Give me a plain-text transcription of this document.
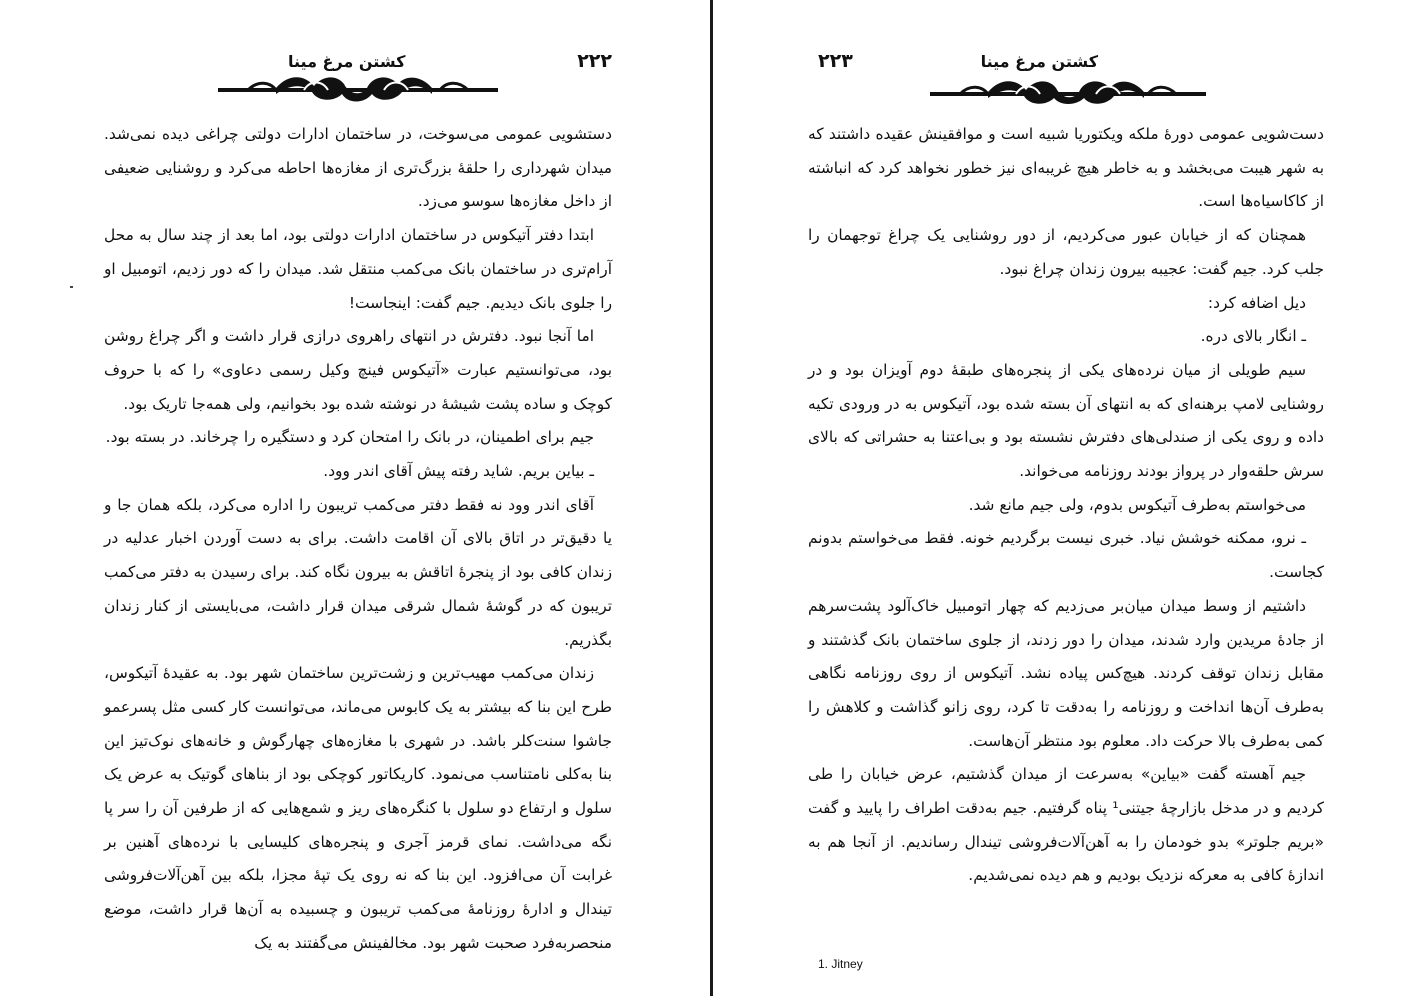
کشتن مرغ مینا	۲۲۲

دستشویی عمومی می‌سوخت، در ساختمان ادارات دولتی چراغی دیده نمی‌شد. میدان شهرداری را حلقهٔ بزرگ‌تری از مغازه‌ها احاطه می‌کرد و روشنایی ضعیفی از داخل مغازه‌ها سوسو می‌زد.

ابتدا دفتر آتیکوس در ساختمان ادارات دولتی بود، اما بعد از چند سال به محل آرام‌تری در ساختمان بانک می‌کمب منتقل شد. میدان را که دور زدیم، اتومبیل او را جلوی بانک دیدیم. جیم گفت: اینجاست!

اما آنجا نبود. دفترش در انتهای راهروی درازی قرار داشت و اگر چراغ روشن بود، می‌توانستیم عبارت «آتیکوس فینچ وکیل رسمی دعاوی» را که با حروف کوچک و ساده پشت شیشهٔ در نوشته شده بود بخوانیم، ولی همه‌جا تاریک بود.

جیم برای اطمینان، در بانک را امتحان کرد و دستگیره را چرخاند. در بسته بود.

ـ بیاین بریم. شاید رفته پیش آقای اندر وود.

آقای اندر وود نه فقط دفتر می‌کمب تریبون را اداره می‌کرد، بلکه همان جا و یا دقیق‌تر در اتاق بالای آن اقامت داشت. برای به دست آوردن اخبار عدلیه در زندان کافی بود از پنجرهٔ اتاقش به بیرون نگاه کند. برای رسیدن به دفتر می‌کمب تریبون که در گوشهٔ شمال شرقی میدان قرار داشت، می‌بایستی از کنار زندان بگذریم.

زندان می‌کمب مهیب‌ترین و زشت‌ترین ساختمان شهر بود. به عقیدهٔ آتیکوس، طرح این بنا که بیشتر به یک کابوس می‌ماند، می‌توانست کار کسی مثل پسرعمو جاشوا سنت‌کلر باشد. در شهری با مغازه‌های چهارگوش و خانه‌های نوک‌تیز این بنا به‌کلی نامتناسب می‌نمود. کاریکاتور کوچکی بود از بناهای گوتیک به عرض یک سلول و ارتفاع دو سلول با کنگره‌های ریز و شمع‌هایی که از طرفین آن را سر پا نگه می‌داشت. نمای قرمز آجری و پنجره‌های کلیسایی با نرده‌های آهنین بر غرابت آن می‌افزود. این بنا که نه روی یک تپهٔ مجزا، بلکه بین آهن‌آلات‌فروشی تیندال و ادارهٔ روزنامهٔ می‌کمب تریبون و چسبیده به آن‌ها قرار داشت، موضع منحصربه‌فرد صحبت شهر بود. مخالفینش می‌گفتند به یک

۲۲۳	کشتن مرغ مینا

دست‌شویی عمومی دورهٔ ملکه ویکتوریا شبیه است و موافقینش عقیده داشتند که به شهر هیبت می‌بخشد و به خاطر هیچ غریبه‌ای نیز خطور نخواهد کرد که انباشته از کاکاسیاه‌ها است.

همچنان که از خیابان عبور می‌کردیم، از دور روشنایی یک چراغ توجهمان را جلب کرد. جیم گفت: عجیبه بیرون زندان چراغ نبود.

دیل اضافه کرد:

ـ انگار بالای دره.

سیم طویلی از میان نرده‌های یکی از پنجره‌های طبقهٔ دوم آویزان بود و در روشنایی لامپ برهنه‌ای که به انتهای آن بسته شده بود، آتیکوس به در ورودی تکیه داده و روی یکی از صندلی‌های دفترش نشسته بود و بی‌اعتنا به حشراتی که بالای سرش حلقه‌وار در پرواز بودند روزنامه می‌خواند.

می‌خواستم به‌طرف آتیکوس بدوم، ولی جیم مانع شد.

ـ نرو، ممکنه خوشش نیاد. خبری نیست برگردیم خونه. فقط می‌خواستم بدونم کجاست.

داشتیم از وسط میدان میان‌بر می‌زدیم که چهار اتومبیل خاک‌آلود پشت‌سرهم از جادهٔ مریدین وارد شدند، میدان را دور زدند، از جلوی ساختمان بانک گذشتند و مقابل زندان توقف کردند. هیچ‌کس پیاده نشد. آتیکوس از روی روزنامه نگاهی به‌طرف آن‌ها انداخت و روزنامه را به‌دقت تا کرد، روی زانو گذاشت و کلاهش را کمی به‌طرف بالا حرکت داد. معلوم بود منتظر آن‌هاست.

جیم آهسته گفت «بیاین» به‌سرعت از میدان گذشتیم، عرض خیابان را طی کردیم و در مدخل بازارچهٔ جیتنی¹ پناه گرفتیم. جیم به‌دقت اطراف را پایید و گفت «بریم جلوتر» بدو خودمان را به آهن‌آلات‌فروشی تیندال رساندیم. از آنجا هم به اندازهٔ کافی به معرکه نزدیک بودیم و هم دیده نمی‌شدیم.

1. Jitney
